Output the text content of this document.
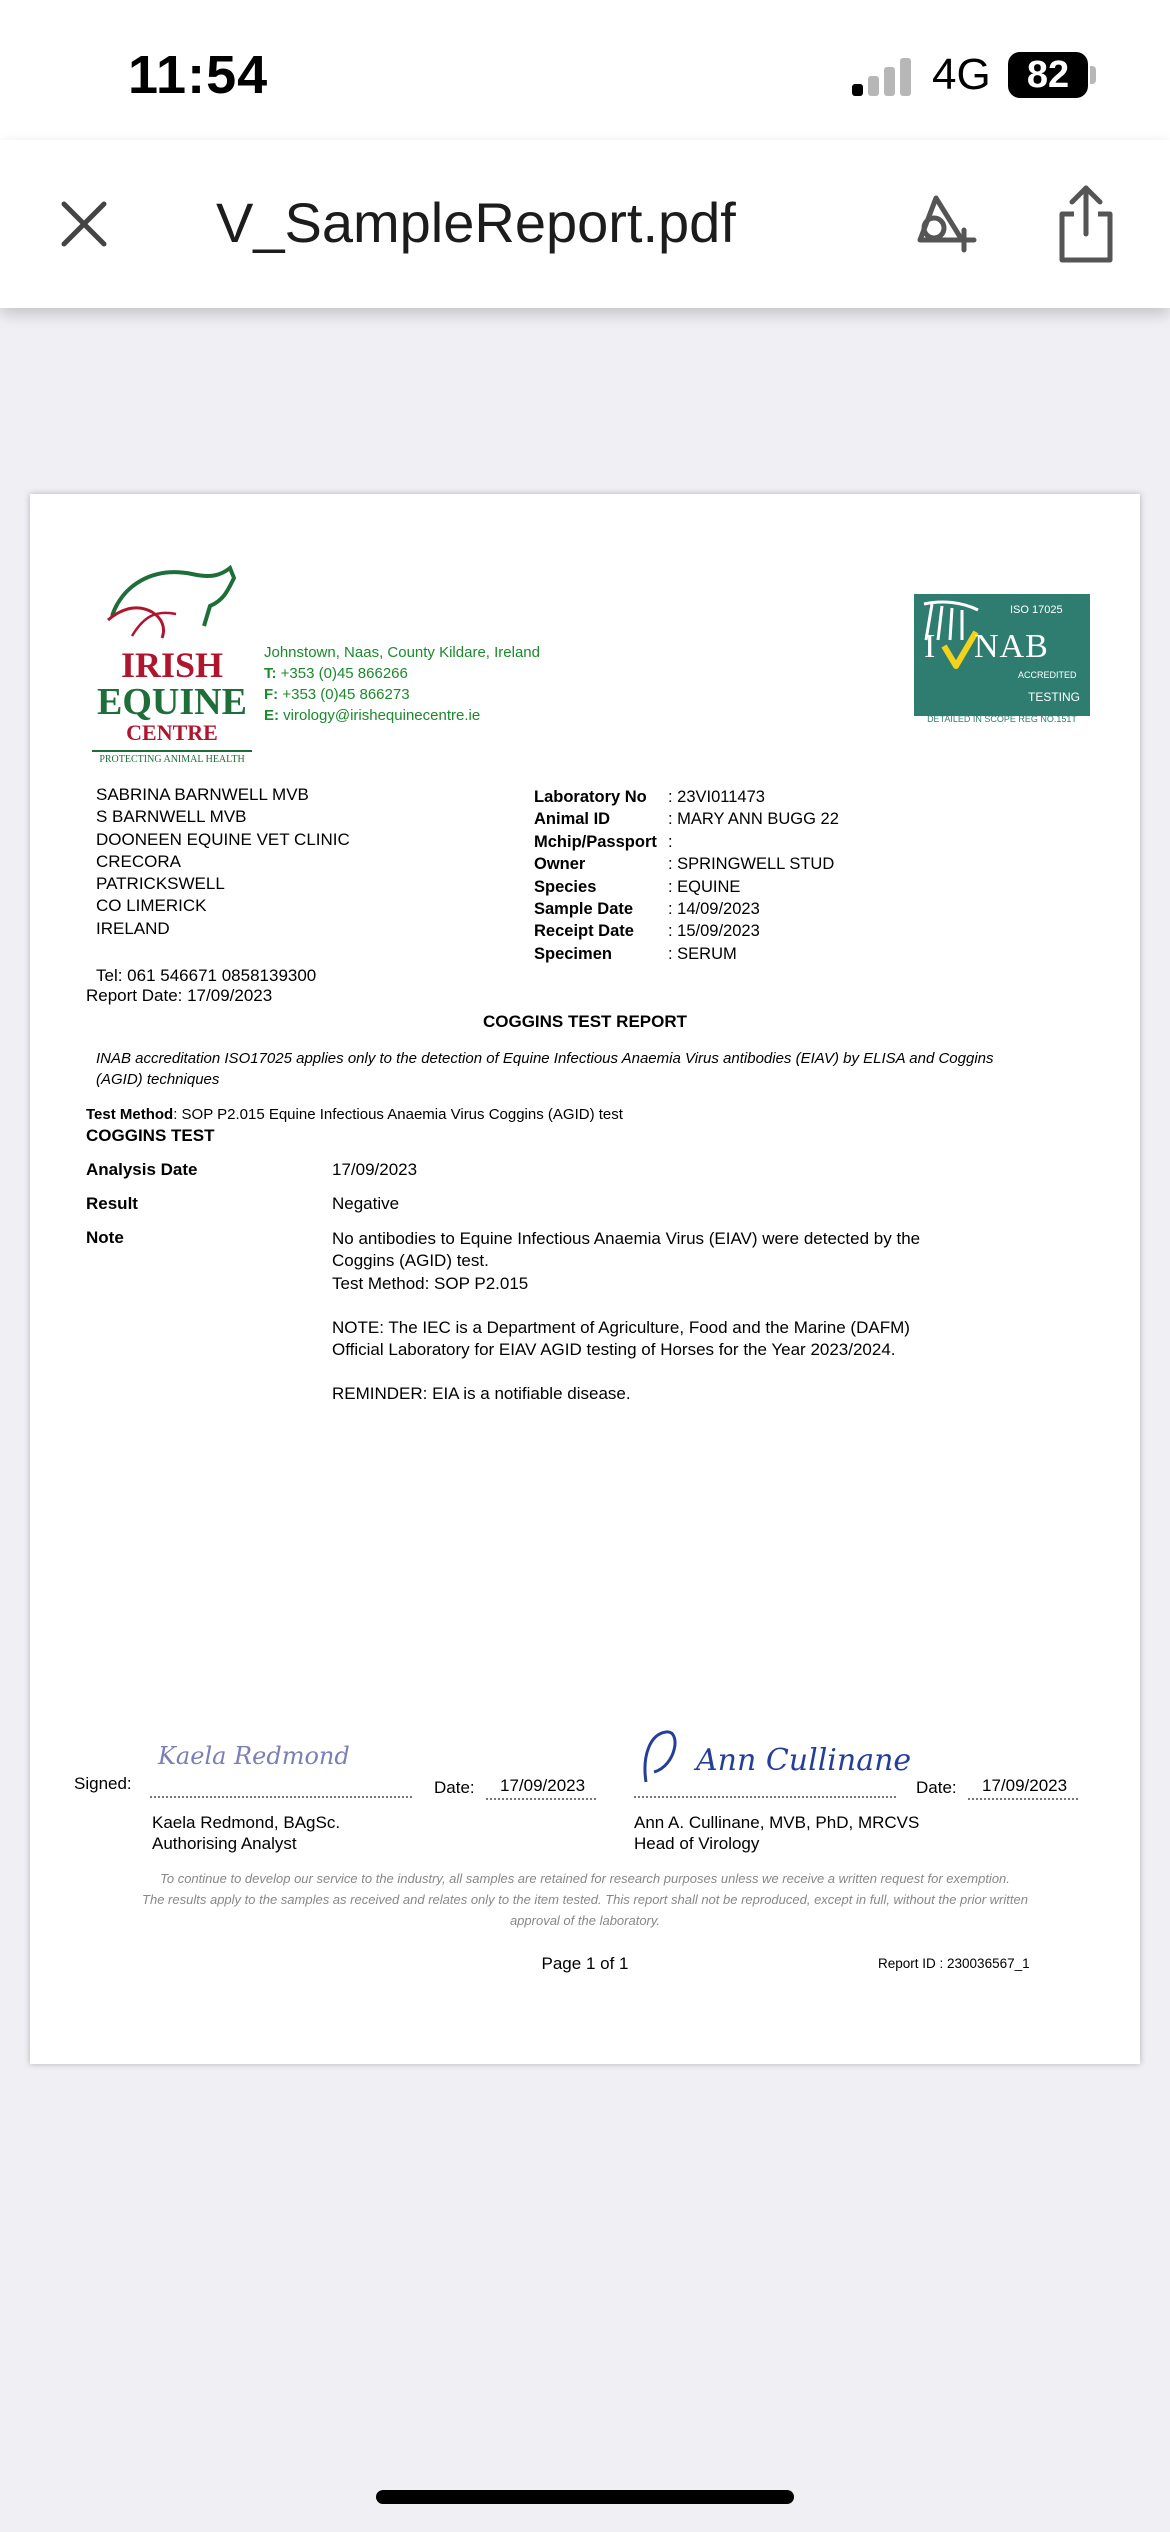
11:54	4G 82
V_SampleReport.pdf
IRISH
EQUINE
CENTRE
PROTECTING ANIMAL HEALTH
Johnstown, Naas, County Kildare, Ireland
T: +353 (0)45 866266
F: +353 (0)45 866273
E: virology@irishequinecentre.ie
ISO 17025
I NAB
ACCREDITED
TESTING
DETAILED IN SCOPE REG NO.151T
SABRINA BARNWELL MVB
S BARNWELL MVB
DOONEEN EQUINE VET CLINIC
CRECORA
PATRICKSWELL
CO LIMERICK
IRELAND
Tel: 061 546671 0858139300
Report Date: 17/09/2023
Laboratory No	: 23VI011473
Animal ID	: MARY ANN BUGG 22
Mchip/Passport :
Owner	: SPRINGWELL STUD
Species	: EQUINE
Sample Date	: 14/09/2023
Receipt Date	: 15/09/2023
Specimen	: SERUM
COGGINS TEST REPORT
INAB accreditation ISO17025 applies only to the detection of Equine Infectious Anaemia Virus antibodies (EIAV) by ELISA and Coggins (AGID) techniques
Test Method: SOP P2.015 Equine Infectious Anaemia Virus Coggins (AGID) test
COGGINS TEST
Analysis Date	17/09/2023
Result	Negative
Note	No antibodies to Equine Infectious Anaemia Virus (EIAV) were detected by the Coggins (AGID) test.
Test Method: SOP P2.015
NOTE: The IEC is a Department of Agriculture, Food and the Marine (DAFM) Official Laboratory for EIAV AGID testing of Horses for the Year 2023/2024.
REMINDER: EIA is a notifiable disease.
Signed:
Kaela Redmond
Date: 17/09/2023
Ann Cullinane
Date: 17/09/2023
Kaela Redmond, BAgSc.
Authorising Analyst
Ann A. Cullinane, MVB, PhD, MRCVS
Head of Virology
To continue to develop our service to the industry, all samples are retained for research purposes unless we receive a written request for exemption.
The results apply to the samples as received and relates only to the item tested. This report shall not be reproduced, except in full, without the prior written approval of the laboratory.
Page 1 of 1	Report ID : 230036567_1
